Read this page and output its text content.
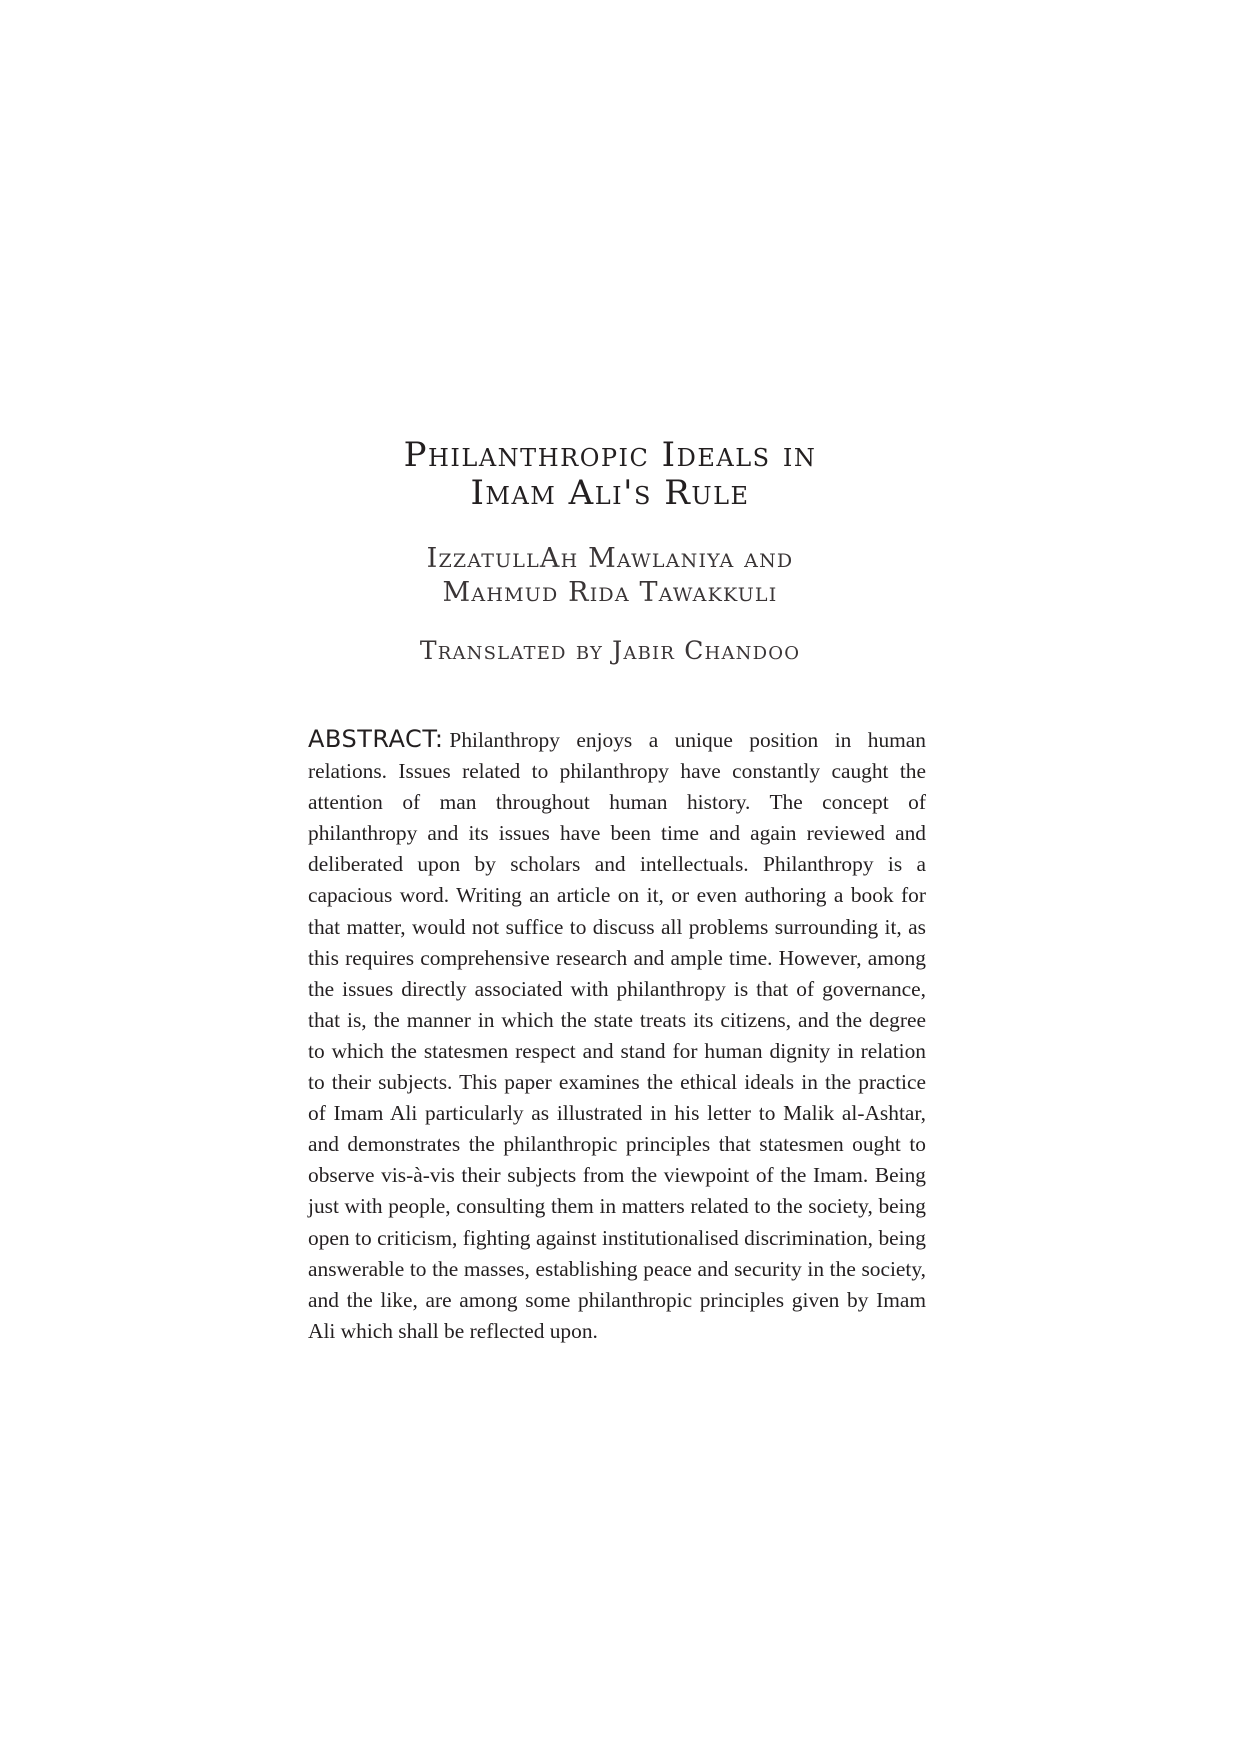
Philanthropic Ideals in
Imam Ali's Rule

IzzatullAh Mawlaniya and
Mahmud Rida Tawakkuli

Translated by Jabir Chandoo

ABSTRACT: Philanthropy enjoys a unique position in human relations. Issues related to philanthropy have constantly caught the attention of man throughout human history. The concept of philanthropy and its issues have been time and again reviewed and deliberated upon by scholars and intellectuals. Philanthropy is a capacious word. Writing an article on it, or even authoring a book for that matter, would not suffice to discuss all problems surrounding it, as this requires comprehensive research and ample time. However, among the issues directly associated with philanthropy is that of governance, that is, the manner in which the state treats its citizens, and the degree to which the statesmen respect and stand for human dignity in relation to their subjects. This paper examines the ethical ideals in the practice of Imam Ali particularly as illustrated in his letter to Malik al-Ashtar, and demonstrates the philanthropic principles that statesmen ought to observe vis-à-vis their subjects from the viewpoint of the Imam. Being just with people, consulting them in matters related to the society, being open to criticism, fighting against institutionalised discrimination, being answerable to the masses, establishing peace and security in the society, and the like, are among some philanthropic principles given by Imam Ali which shall be reflected upon.
